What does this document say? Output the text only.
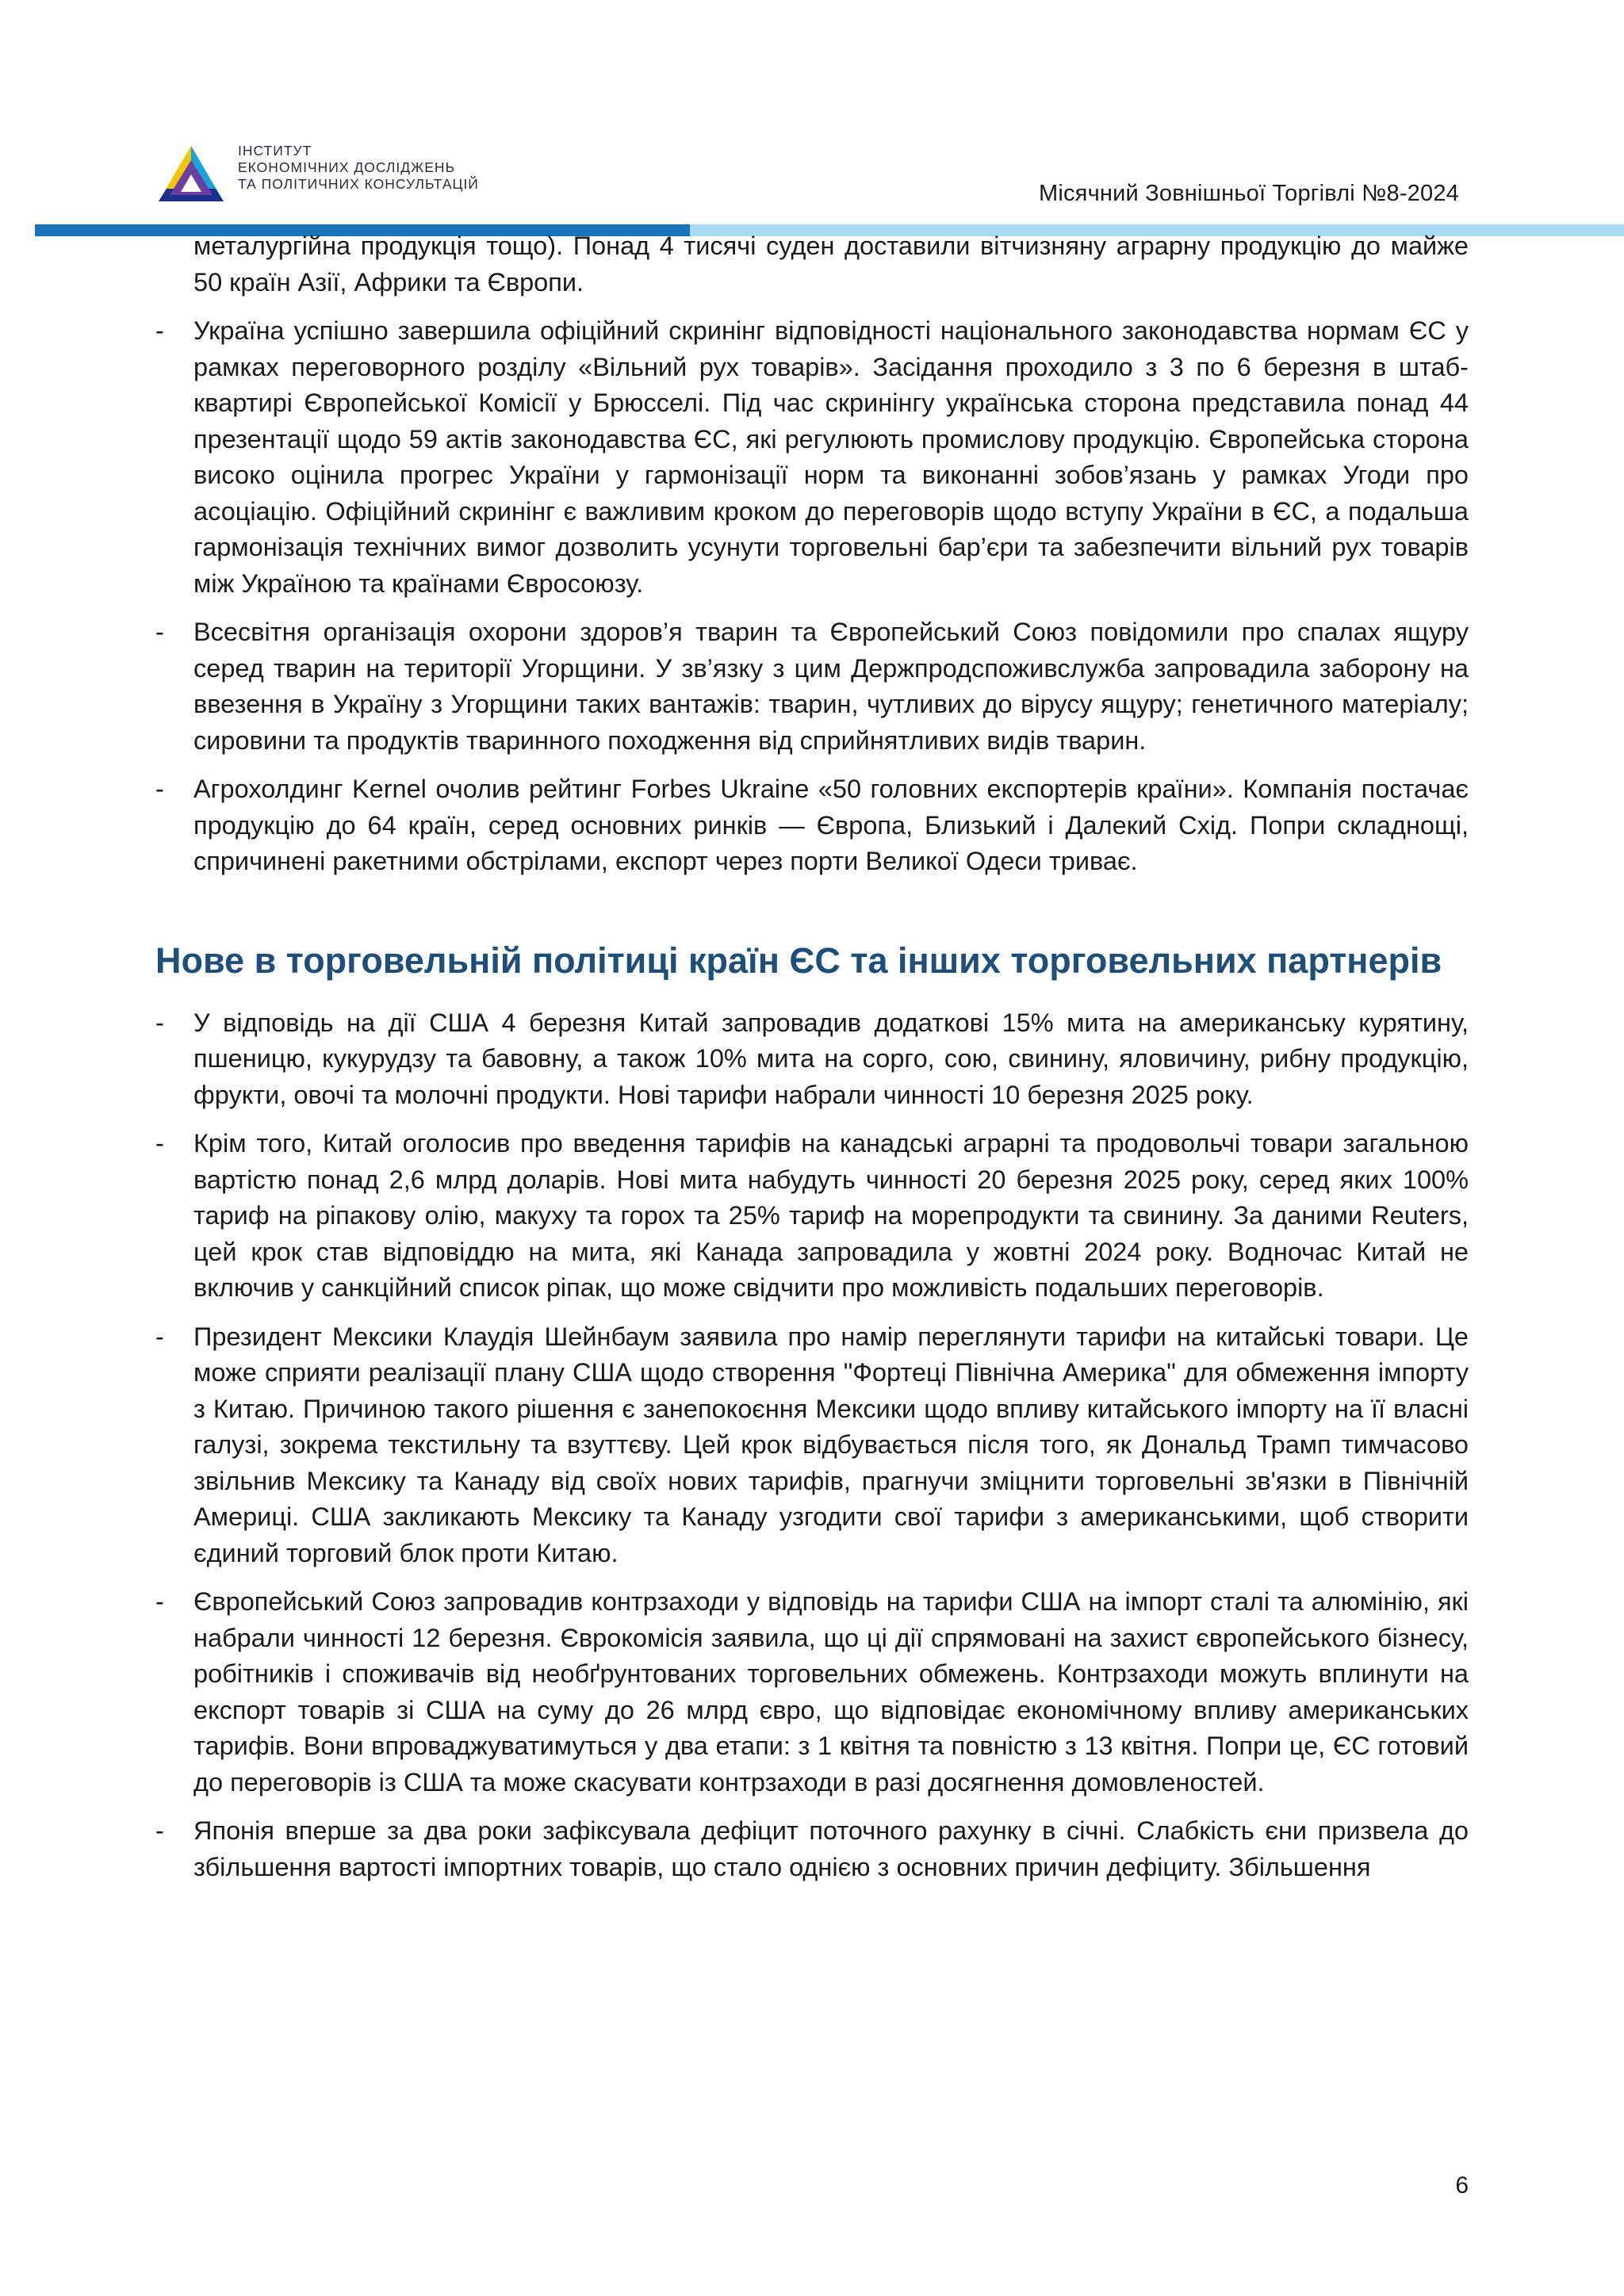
ІНСТИТУТ
ЕКОНОМІЧНИХ ДОСЛІДЖЕНЬ
ТА ПОЛІТИЧНИХ КОНСУЛЬТАЦІЙ	Місячний Зовнішньої Торгівлі №8-2024

металургійна продукція тощо). Понад 4 тисячі суден доставили вітчизняну аграрну продукцію до майже 50 країн Азії, Африки та Європи.

- Україна успішно завершила офіційний скринінг відповідності національного законодавства нормам ЄС у рамках переговорного розділу «Вільний рух товарів». Засідання проходило з 3 по 6 березня в штаб-квартирі Європейської Комісії у Брюсселі. Під час скринінгу українська сторона представила понад 44 презентації щодо 59 актів законодавства ЄС, які регулюють промислову продукцію. Європейська сторона високо оцінила прогрес України у гармонізації норм та виконанні зобов’язань у рамках Угоди про асоціацію. Офіційний скринінг є важливим кроком до переговорів щодо вступу України в ЄС, а подальша гармонізація технічних вимог дозволить усунути торговельні бар’єри та забезпечити вільний рух товарів між Україною та країнами Євросоюзу.
- Всесвітня організація охорони здоров’я тварин та Європейський Союз повідомили про спалах ящуру серед тварин на території Угорщини. У зв’язку з цим Держпродспоживслужба запровадила заборону на ввезення в Україну з Угорщини таких вантажів: тварин, чутливих до вірусу ящуру; генетичного матеріалу; сировини та продуктів тваринного походження від сприйнятливих видів тварин.
- Агрохолдинг Kernel очолив рейтинг Forbes Ukraine «50 головних експортерів країни». Компанія постачає продукцію до 64 країн, серед основних ринків — Європа, Близький і Далекий Схід. Попри складнощі, спричинені ракетними обстрілами, експорт через порти Великої Одеси триває.
Нове в торговельній політиці країн ЄС та інших торговельних партнерів
- У відповідь на дії США 4 березня Китай запровадив додаткові 15% мита на американську курятину, пшеницю, кукурудзу та бавовну, а також 10% мита на сорго, сою, свинину, яловичину, рибну продукцію, фрукти, овочі та молочні продукти. Нові тарифи набрали чинності 10 березня 2025 року.
- Крім того, Китай оголосив про введення тарифів на канадські аграрні та продовольчі товари загальною вартістю понад 2,6 млрд доларів. Нові мита набудуть чинності 20 березня 2025 року, серед яких 100% тариф на ріпакову олію, макуху та горох та 25% тариф на морепродукти та свинину. За даними Reuters, цей крок став відповіддю на мита, які Канада запровадила у жовтні 2024 року. Водночас Китай не включив у санкційний список ріпак, що може свідчити про можливість подальших переговорів.
- Президент Мексики Клаудія Шейнбаум заявила про намір переглянути тарифи на китайські товари. Це може сприяти реалізації плану США щодо створення "Фортеці Північна Америка" для обмеження імпорту з Китаю. Причиною такого рішення є занепокоєння Мексики щодо впливу китайського імпорту на її власні галузі, зокрема текстильну та взуттєву. Цей крок відбувається після того, як Дональд Трамп тимчасово звільнив Мексику та Канаду від своїх нових тарифів, прагнучи зміцнити торговельні зв'язки в Північній Америці. США закликають Мексику та Канаду узгодити свої тарифи з американськими, щоб створити єдиний торговий блок проти Китаю.
- Європейський Союз запровадив контрзаходи у відповідь на тарифи США на імпорт сталі та алюмінію, які набрали чинності 12 березня. Єврокомісія заявила, що ці дії спрямовані на захист європейського бізнесу, робітників і споживачів від необґрунтованих торговельних обмежень. Контрзаходи можуть вплинути на експорт товарів зі США на суму до 26 млрд євро, що відповідає економічному впливу американських тарифів. Вони впроваджуватимуться у два етапи: з 1 квітня та повністю з 13 квітня. Попри це, ЄС готовий до переговорів із США та може скасувати контрзаходи в разі досягнення домовленостей.
- Японія вперше за два роки зафіксувала дефіцит поточного рахунку в січні. Слабкість єни призвела до збільшення вартості імпортних товарів, що стало однією з основних причин дефіциту. Збільшення
6
